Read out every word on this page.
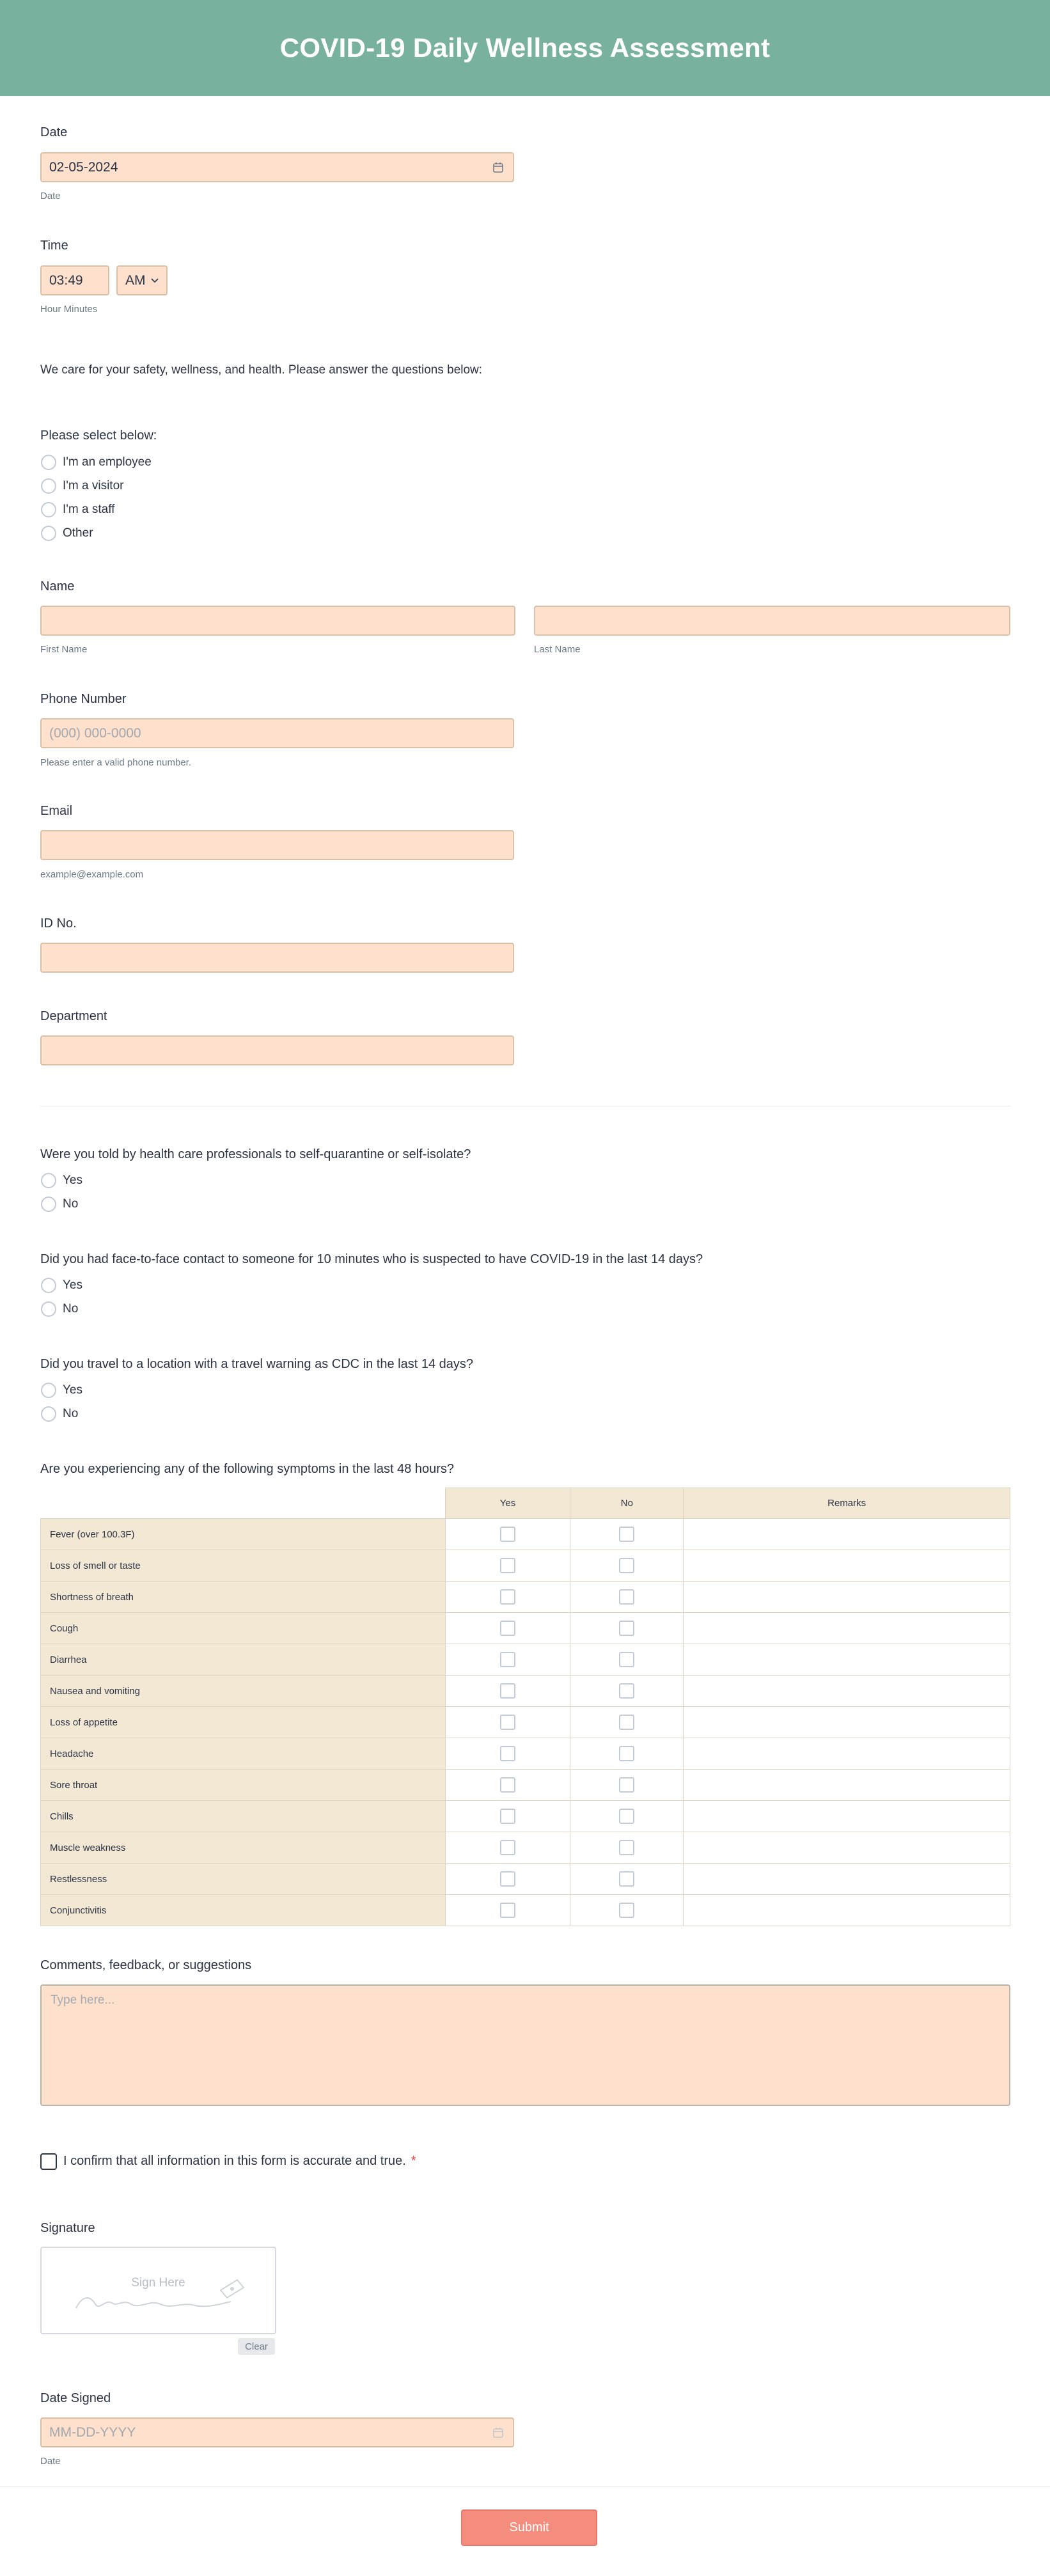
COVID-19 Daily Wellness Assessment
Date
02-05-2024
Date
Time
03:49	AM
Hour Minutes
We care for your safety, wellness, and health. Please answer the questions below:
Please select below:
I'm an employee
I'm a visitor
I'm a staff
Other
Name
First Name	Last Name
Phone Number
(000) 000-0000
Please enter a valid phone number.
Email
example@example.com
ID No.
Department
Were you told by health care professionals to self-quarantine or self-isolate?
Yes
No
Did you had face-to-face contact to someone for 10 minutes who is suspected to have COVID-19 in the last 14 days?
Yes
No
Did you travel to a location with a travel warning as CDC in the last 14 days?
Yes
No
Are you experiencing any of the following symptoms in the last 48 hours?
	Yes	No	Remarks
Fever (over 100.3F)			
Loss of smell or taste			
Shortness of breath			
Cough			
Diarrhea			
Nausea and vomiting			
Loss of appetite			
Headache			
Sore throat			
Chills			
Muscle weakness			
Restlessness			
Conjunctivitis			
Comments, feedback, or suggestions
Type here...
I confirm that all information in this form is accurate and true. *
Signature
Sign Here
Clear
Date Signed
MM-DD-YYYY
Date
Submit
